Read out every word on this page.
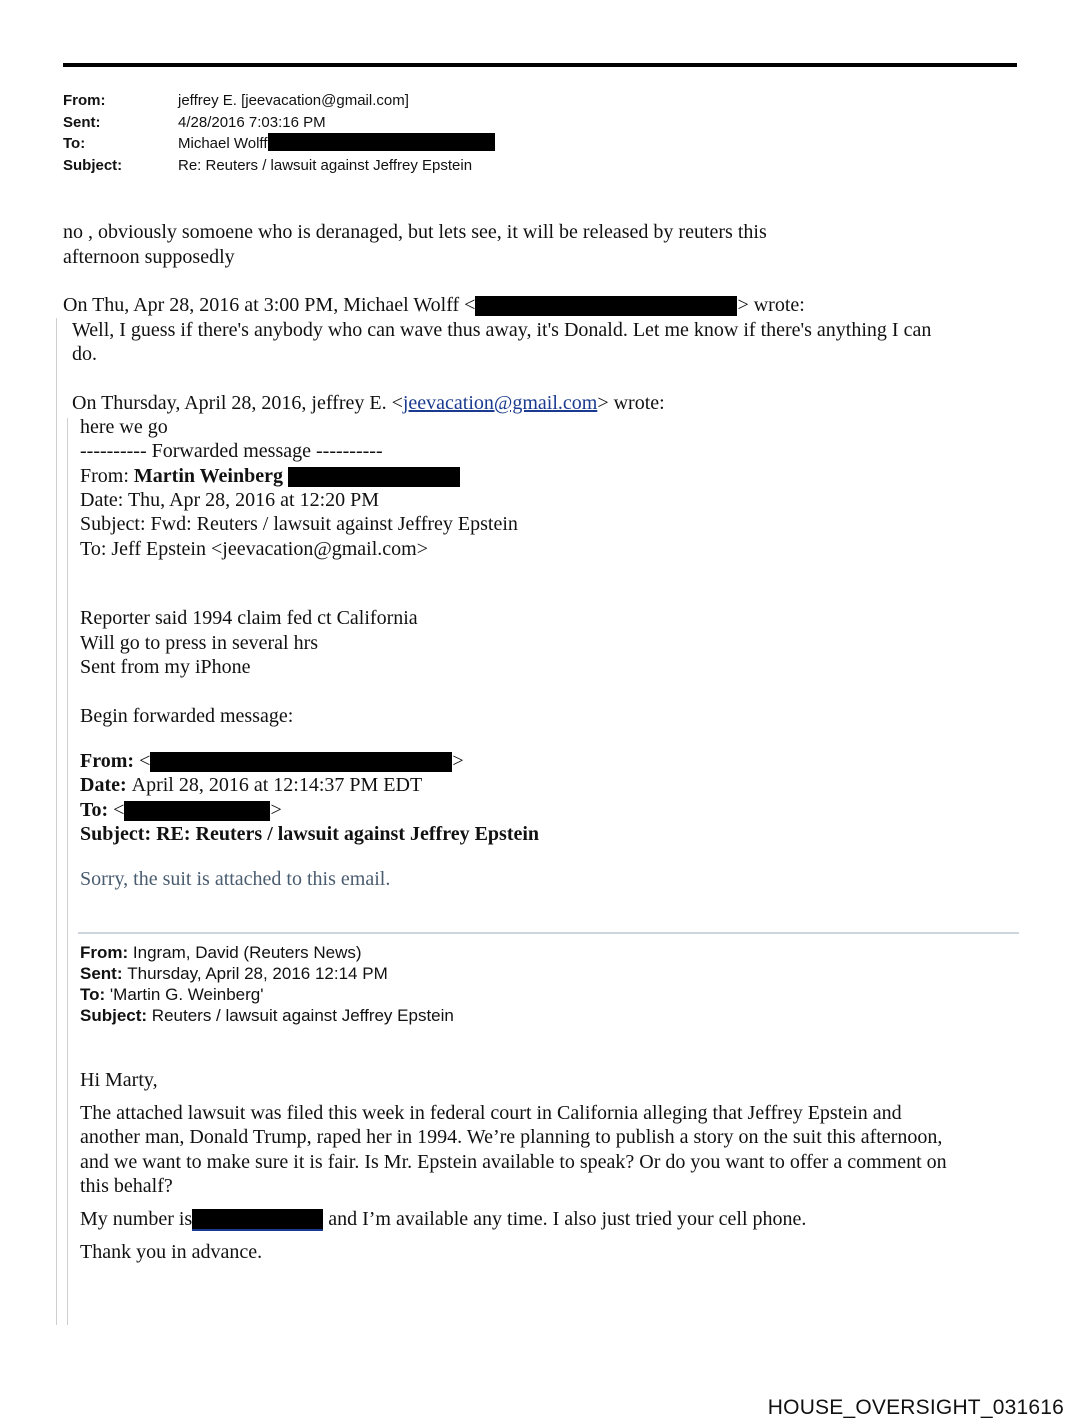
From:	jeffrey E. [jeevacation@gmail.com]
Sent:	4/28/2016 7:03:16 PM
To:	Michael Wolff
Subject:	Re: Reuters / lawsuit against Jeffrey Epstein
no , obviously somoene who is deranaged, but lets see, it will be released by reuters this
afternoon supposedly
On Thu, Apr 28, 2016 at 3:00 PM, Michael Wolff <	> wrote:
Well, I guess if there's anybody who can wave thus away, it's Donald. Let me know if there's anything I can
do.
On Thursday, April 28, 2016, jeffrey E. <jeevacation@gmail.com> wrote:
here we go
---------- Forwarded message ----------
From: Martin Weinberg
Date: Thu, Apr 28, 2016 at 12:20 PM
Subject: Fwd: Reuters / lawsuit against Jeffrey Epstein
To: Jeff Epstein <jeevacation@gmail.com>
Reporter said 1994 claim fed ct California
Will go to press in several hrs
Sent from my iPhone
Begin forwarded message:
From: <	>
Date: April 28, 2016 at 12:14:37 PM EDT
To: <	>
Subject: RE: Reuters / lawsuit against Jeffrey Epstein
Sorry, the suit is attached to this email.
From: Ingram, David (Reuters News)
Sent: Thursday, April 28, 2016 12:14 PM
To: 'Martin G. Weinberg'
Subject: Reuters / lawsuit against Jeffrey Epstein
Hi Marty,
The attached lawsuit was filed this week in federal court in California alleging that Jeffrey Epstein and
another man, Donald Trump, raped her in 1994. We’re planning to publish a story on the suit this afternoon,
and we want to make sure it is fair. Is Mr. Epstein available to speak? Or do you want to offer a comment on
this behalf?
My number is	and I’m available any time. I also just tried your cell phone.
Thank you in advance.
HOUSE_OVERSIGHT_031616
